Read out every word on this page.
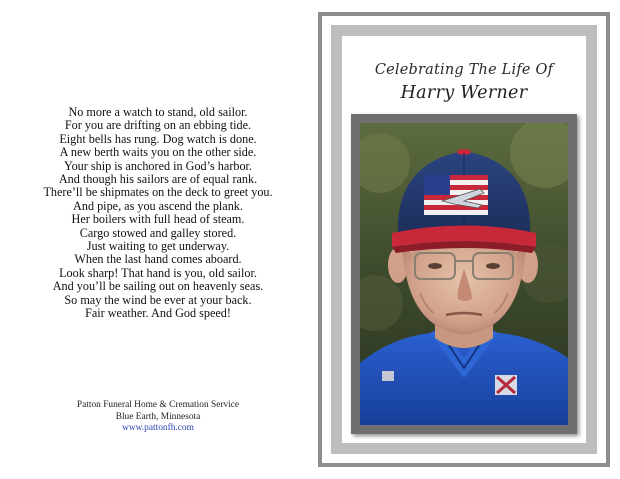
No more a watch to stand, old sailor.
For you are drifting on an ebbing tide.
Eight bells has rung. Dog watch is done.
A new berth waits you on the other side.
Your ship is anchored in God’s harbor.
And though his sailors are of equal rank.
There’ll be shipmates on the deck to greet you.
And pipe, as you ascend the plank.
Her boilers with full head of steam.
Cargo stowed and galley stored.
Just waiting to get underway.
When the last hand comes aboard.
Look sharp! That hand is you, old sailor.
And you’ll be sailing out on heavenly seas.
So may the wind be ever at your back.
Fair weather. And God speed!
Patton Funeral Home & Cremation Service
Blue Earth, Minnesota
www.pattonfh.com
Celebrating The Life Of
Harry Werner
